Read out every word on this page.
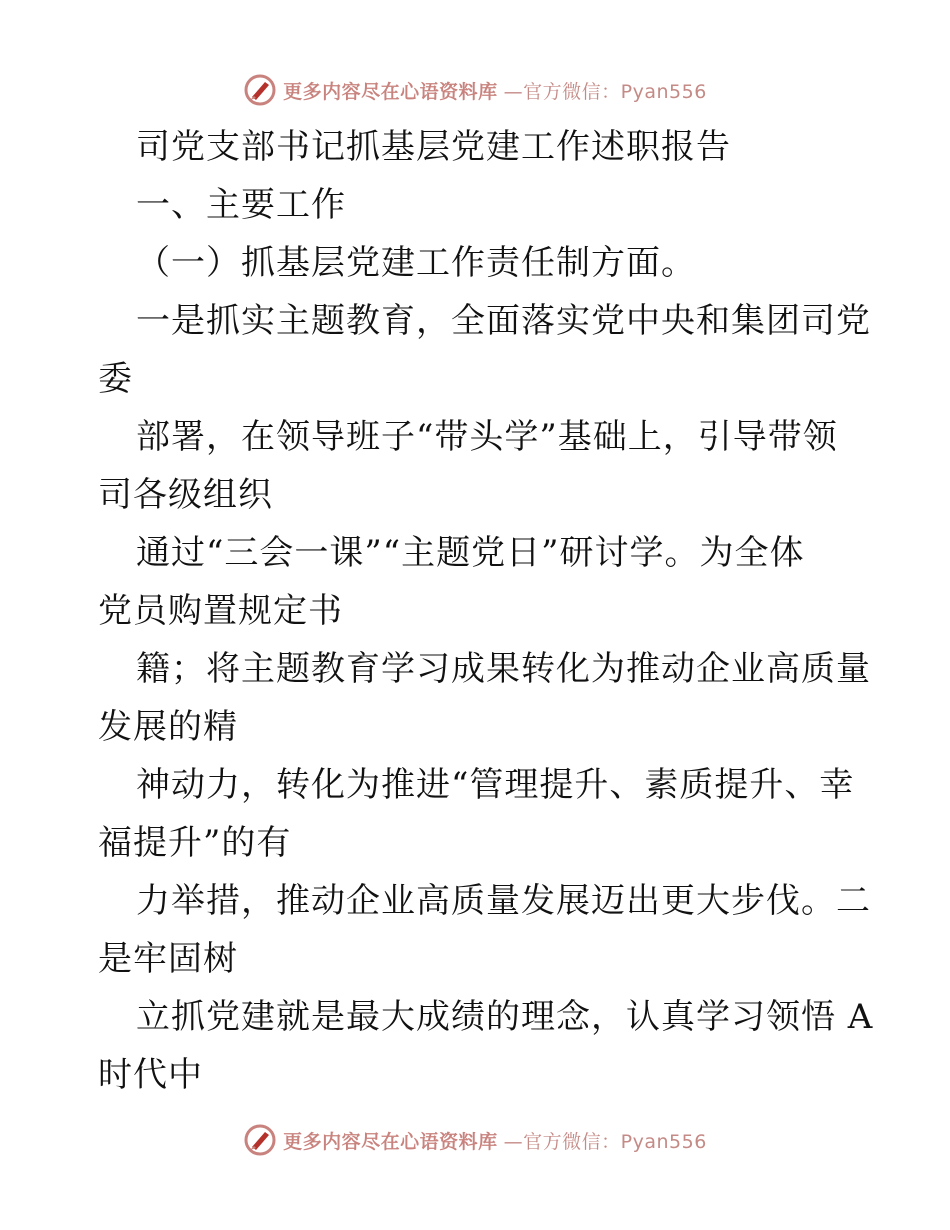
更多内容尽在心语资料库 —官方微信：Pyan556
司党支部书记抓基层党建工作述职报告
一、主要工作
（一）抓基层党建工作责任制方面。
一是抓实主题教育，全面落实党中央和集团司党
委
部署，在领导班子“带头学”基础上，引导带领
司各级组织
通过“三会一课”“主题党日”研讨学。为全体
党员购置规定书
籍；将主题教育学习成果转化为推动企业高质量
发展的精
神动力，转化为推进“管理提升、素质提升、幸
福提升”的有
力举措，推动企业高质量发展迈出更大步伐。二
是牢固树
立抓党建就是最大成绩的理念，认真学习领悟 A
时代中
更多内容尽在心语资料库 —官方微信：Pyan556
